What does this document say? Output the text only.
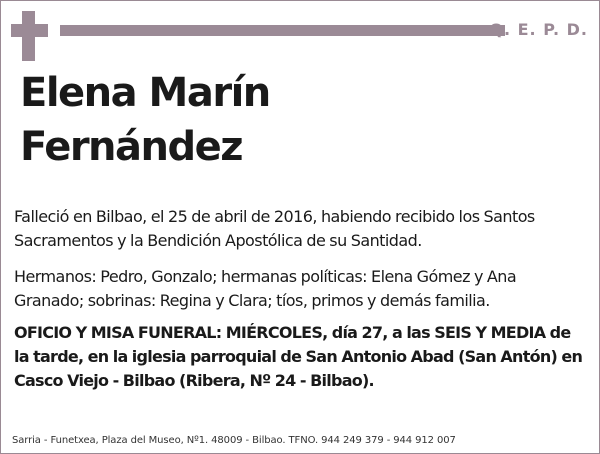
Q. E. P. D.
Elena Marín
Fernández
Falleció en Bilbao, el 25 de abril de 2016, habiendo recibido los Santos Sacramentos y la Bendición Apostólica de su Santidad.
Hermanos: Pedro, Gonzalo; hermanas políticas: Elena Gómez y Ana Granado; sobrinas: Regina y Clara; tíos, primos y demás familia.
OFICIO Y MISA FUNERAL: MIÉRCOLES, día 27, a las SEIS Y MEDIA de la tarde, en la iglesia parroquial de San Antonio Abad (San Antón) en Casco Viejo - Bilbao (Ribera, Nº 24 - Bilbao).
Sarria - Funetxea, Plaza del Museo, Nº1. 48009 - Bilbao. TFNO. 944 249 379 - 944 912 007
